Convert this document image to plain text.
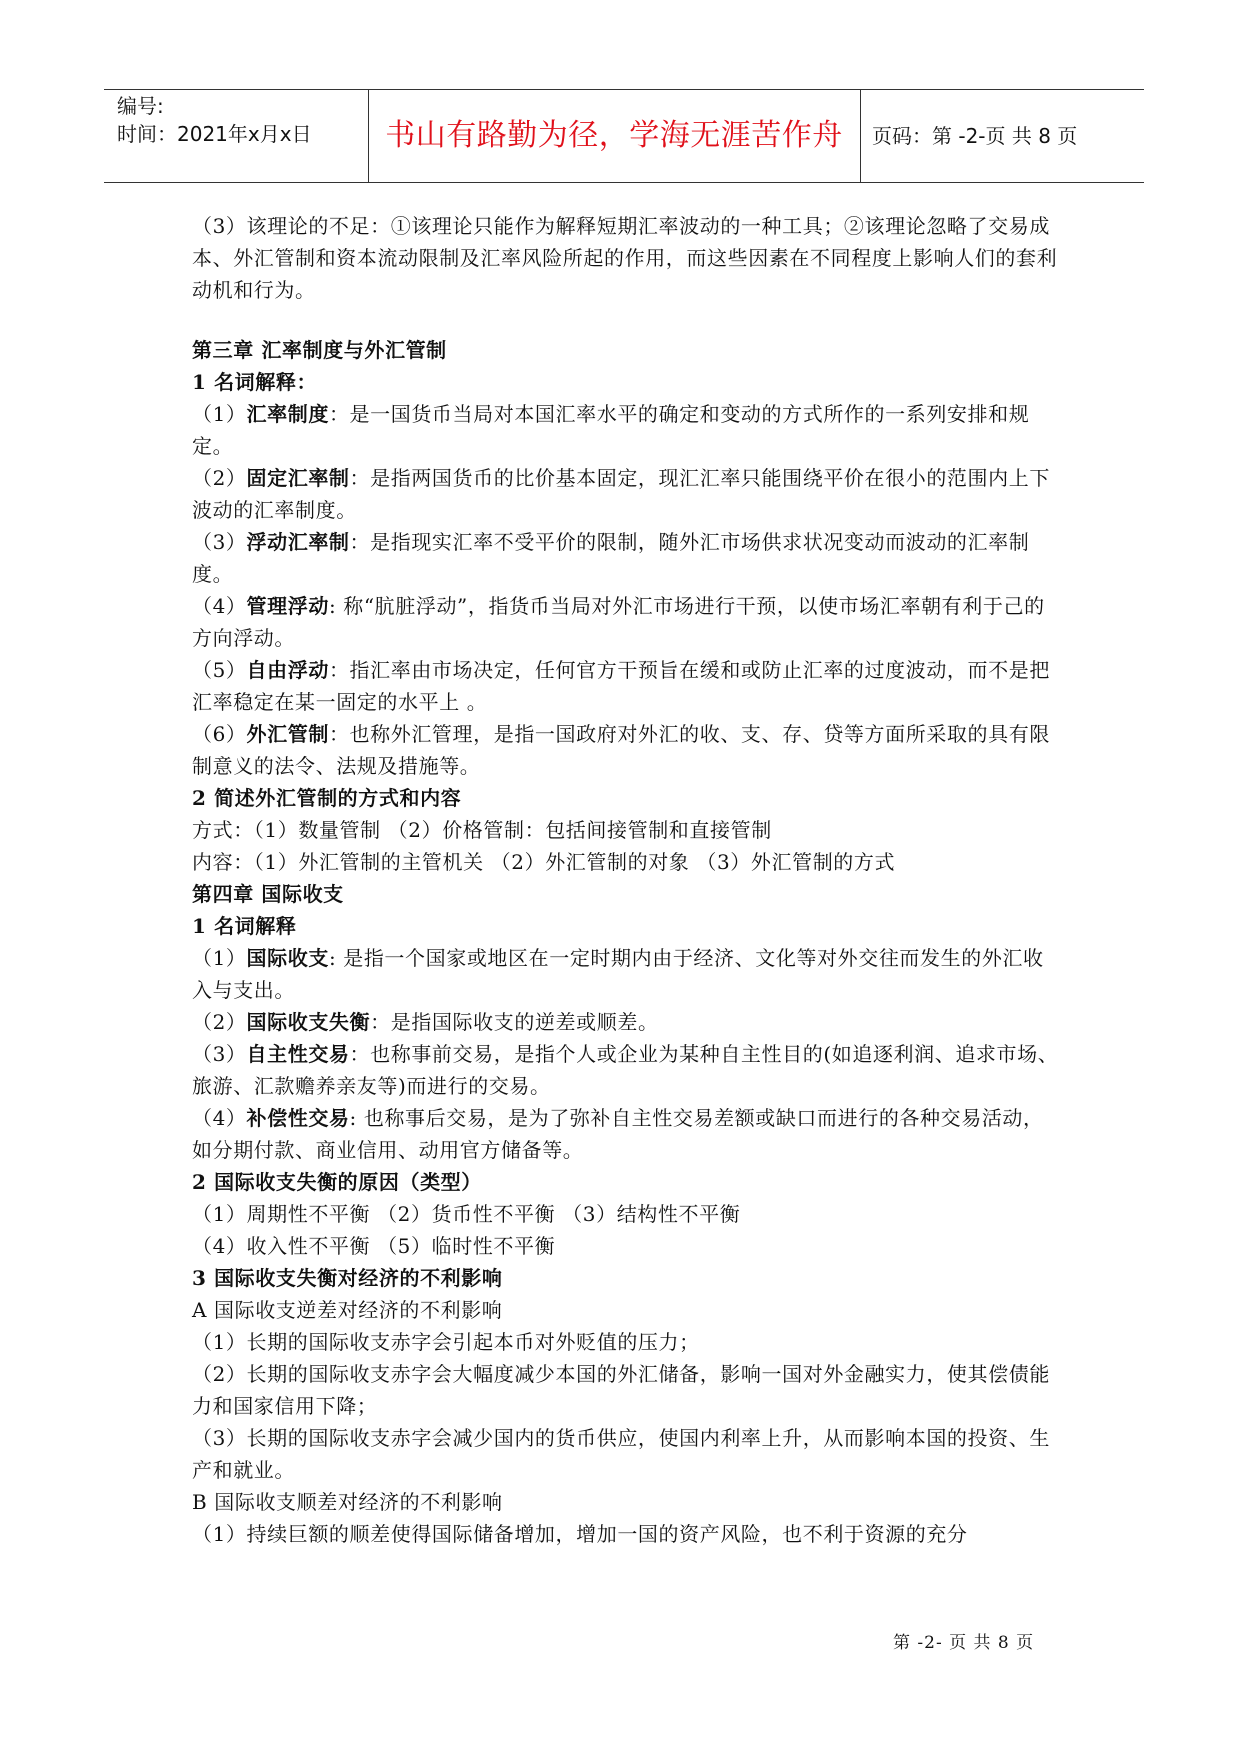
编号:
时间：2021年x月x日	书山有路勤为径，学海无涯苦作舟	页码：第 -2-页 共 8 页

（3）该理论的不足：①该理论只能作为解释短期汇率波动的一种工具；②该理论忽略了交易成本、外汇管制和资本流动限制及汇率风险所起的作用，而这些因素在不同程度上影响人们的套利动机和行为。

第三章 汇率制度与外汇管制

1 名词解释：

（1）汇率制度：是一国货币当局对本国汇率水平的确定和变动的方式所作的一系列安排和规定。

（2）固定汇率制：是指两国货币的比价基本固定，现汇汇率只能围绕平价在很小的范围内上下波动的汇率制度。

（3）浮动汇率制：是指现实汇率不受平价的限制，随外汇市场供求状况变动而波动的汇率制度。

（4）管理浮动: 称“肮脏浮动”，指货币当局对外汇市场进行干预，以使市场汇率朝有利于己的方向浮动。

（5）自由浮动：指汇率由市场决定，任何官方干预旨在缓和或防止汇率的过度波动，而不是把汇率稳定在某一固定的水平上 。

（6）外汇管制：也称外汇管理，是指一国政府对外汇的收、支、存、贷等方面所采取的具有限制意义的法令、法规及措施等。

2 简述外汇管制的方式和内容

方式：（1）数量管制 （2）价格管制：包括间接管制和直接管制

内容：（1）外汇管制的主管机关 （2）外汇管制的对象 （3）外汇管制的方式

第四章 国际收支

1 名词解释

（1）国际收支: 是指一个国家或地区在一定时期内由于经济、文化等对外交往而发生的外汇收入与支出。

（2）国际收支失衡：是指国际收支的逆差或顺差。

（3）自主性交易：也称事前交易，是指个人或企业为某种自主性目的(如追逐利润、追求市场、旅游、汇款赡养亲友等)而进行的交易。

（4）补偿性交易: 也称事后交易，是为了弥补自主性交易差额或缺口而进行的各种交易活动，如分期付款、商业信用、动用官方储备等。

2 国际收支失衡的原因（类型）

（1）周期性不平衡 （2）货币性不平衡 （3）结构性不平衡

（4）收入性不平衡 （5）临时性不平衡

3 国际收支失衡对经济的不利影响

A 国际收支逆差对经济的不利影响

（1）长期的国际收支赤字会引起本币对外贬值的压力；

（2）长期的国际收支赤字会大幅度减少本国的外汇储备，影响一国对外金融实力，使其偿债能力和国家信用下降；

（3）长期的国际收支赤字会减少国内的货币供应，使国内利率上升，从而影响本国的投资、生产和就业。

B 国际收支顺差对经济的不利影响

（1）持续巨额的顺差使得国际储备增加，增加一国的资产风险，也不利于资源的充分

第 -2- 页 共 8 页
